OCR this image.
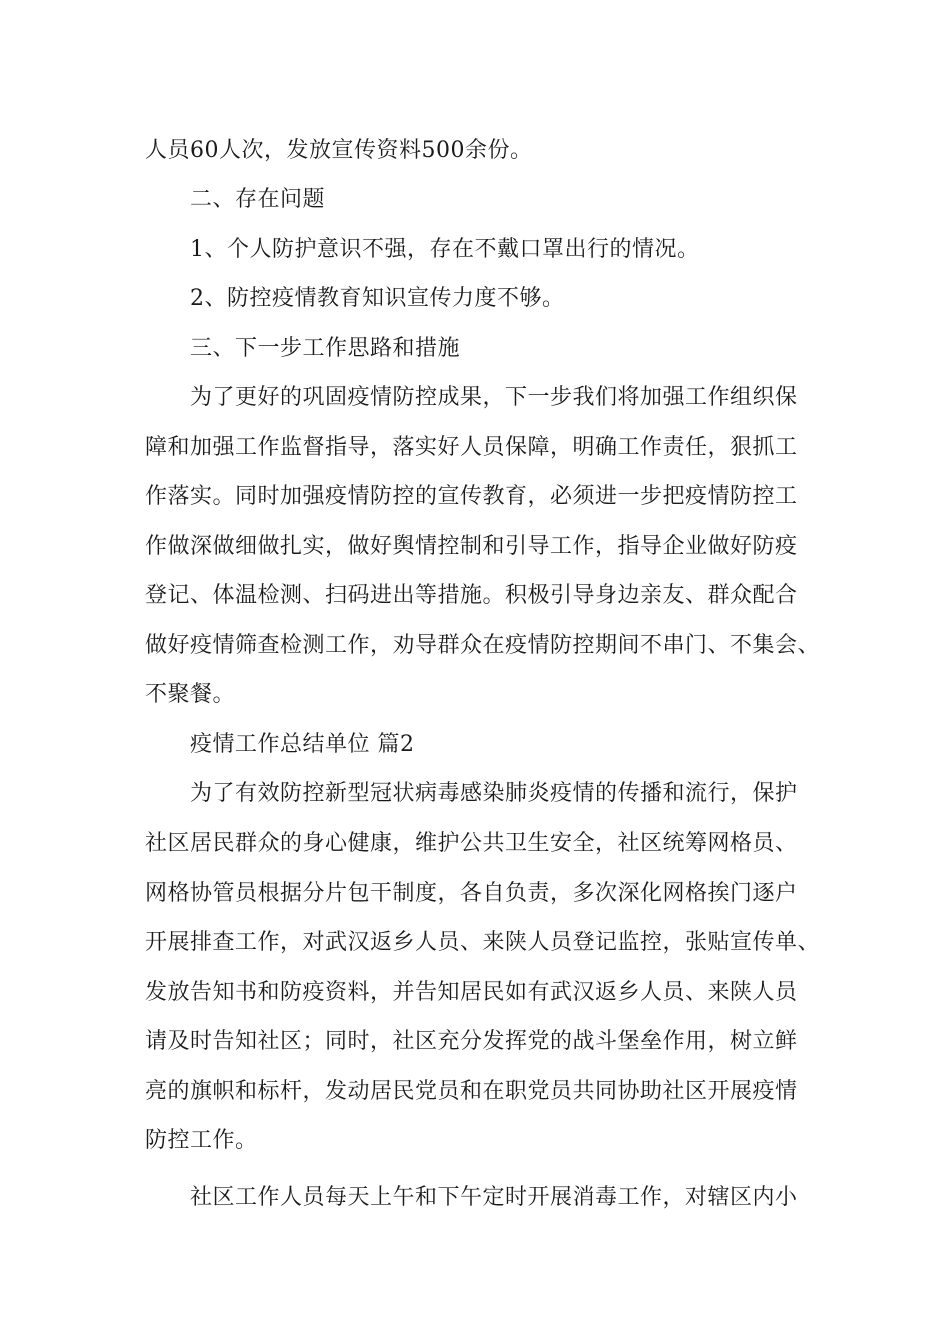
人员60人次，发放宣传资料500余份。
二、存在问题
1、个人防护意识不强，存在不戴口罩出行的情况。
2、防控疫情教育知识宣传力度不够。
三、下一步工作思路和措施
为了更好的巩固疫情防控成果，下一步我们将加强工作组织保
障和加强工作监督指导，落实好人员保障，明确工作责任，狠抓工
作落实。同时加强疫情防控的宣传教育，必须进一步把疫情防控工
作做深做细做扎实，做好舆情控制和引导工作，指导企业做好防疫
登记、体温检测、扫码进出等措施。积极引导身边亲友、群众配合
做好疫情筛查检测工作，劝导群众在疫情防控期间不串门、不集会、
不聚餐。
疫情工作总结单位 篇2
为了有效防控新型冠状病毒感染肺炎疫情的传播和流行，保护
社区居民群众的身心健康，维护公共卫生安全，社区统筹网格员、
网格协管员根据分片包干制度，各自负责，多次深化网格挨门逐户
开展排查工作，对武汉返乡人员、来陕人员登记监控，张贴宣传单、
发放告知书和防疫资料，并告知居民如有武汉返乡人员、来陕人员
请及时告知社区；同时，社区充分发挥党的战斗堡垒作用，树立鲜
亮的旗帜和标杆，发动居民党员和在职党员共同协助社区开展疫情
防控工作。
社区工作人员每天上午和下午定时开展消毒工作，对辖区内小
